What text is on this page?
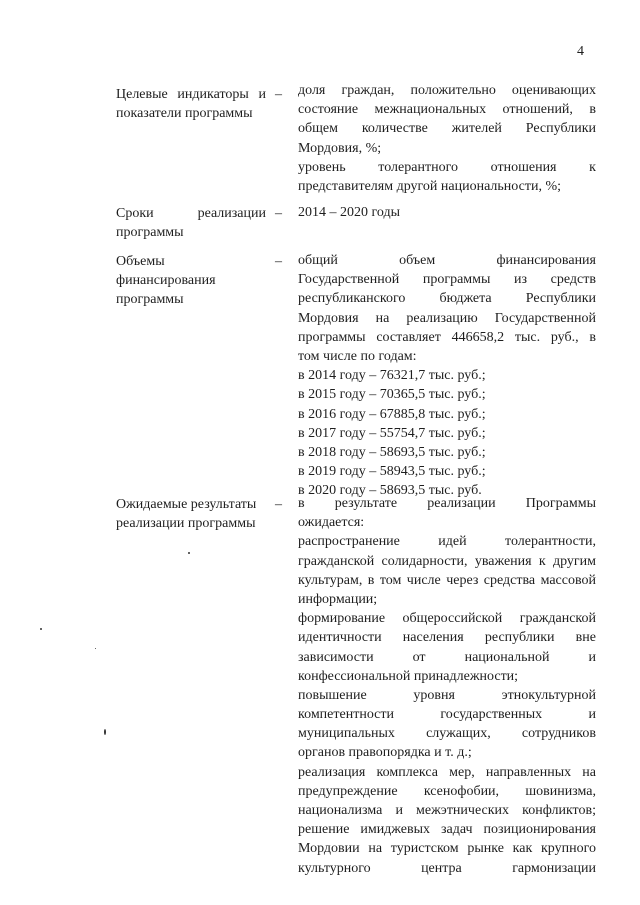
4
Целевые индикаторы и
показатели программы
–	доля граждан, положительно оценивающих
состояние межнациональных отношений, в
общем количестве жителей Республики
Мордовия, %;
уровень толерантного отношения к
представителям другой национальности, %;
Сроки реализации
программы
–	2014 – 2020 годы
Объемы
финансирования
программы
–	общий объем финансирования
Государственной программы из средств
республиканского бюджета Республики
Мордовия на реализацию Государственной
программы составляет 446658,2 тыс. руб., в
том числе по годам:
в 2014 году – 76321,7 тыс. руб.;
в 2015 году – 70365,5 тыс. руб.;
в 2016 году – 67885,8 тыс. руб.;
в 2017 году – 55754,7 тыс. руб.;
в 2018 году – 58693,5 тыс. руб.;
в 2019 году – 58943,5 тыс. руб.;
в 2020 году – 58693,5 тыс. руб.
Ожидаемые результаты
реализации программы
–	в результате реализации Программы
ожидается:
распространение идей толерантности,
гражданской солидарности, уважения к другим
культурам, в том числе через средства массовой
информации;
формирование общероссийской гражданской
идентичности населения республики вне
зависимости от национальной и
конфессиональной принадлежности;
повышение уровня этнокультурной
компетентности государственных и
муниципальных служащих, сотрудников
органов правопорядка и т. д.;
реализация комплекса мер, направленных на
предупреждение ксенофобии, шовинизма,
национализма и межэтнических конфликтов;
решение имиджевых задач позиционирования
Мордовии на туристском рынке как крупного
культурного центра гармонизации
